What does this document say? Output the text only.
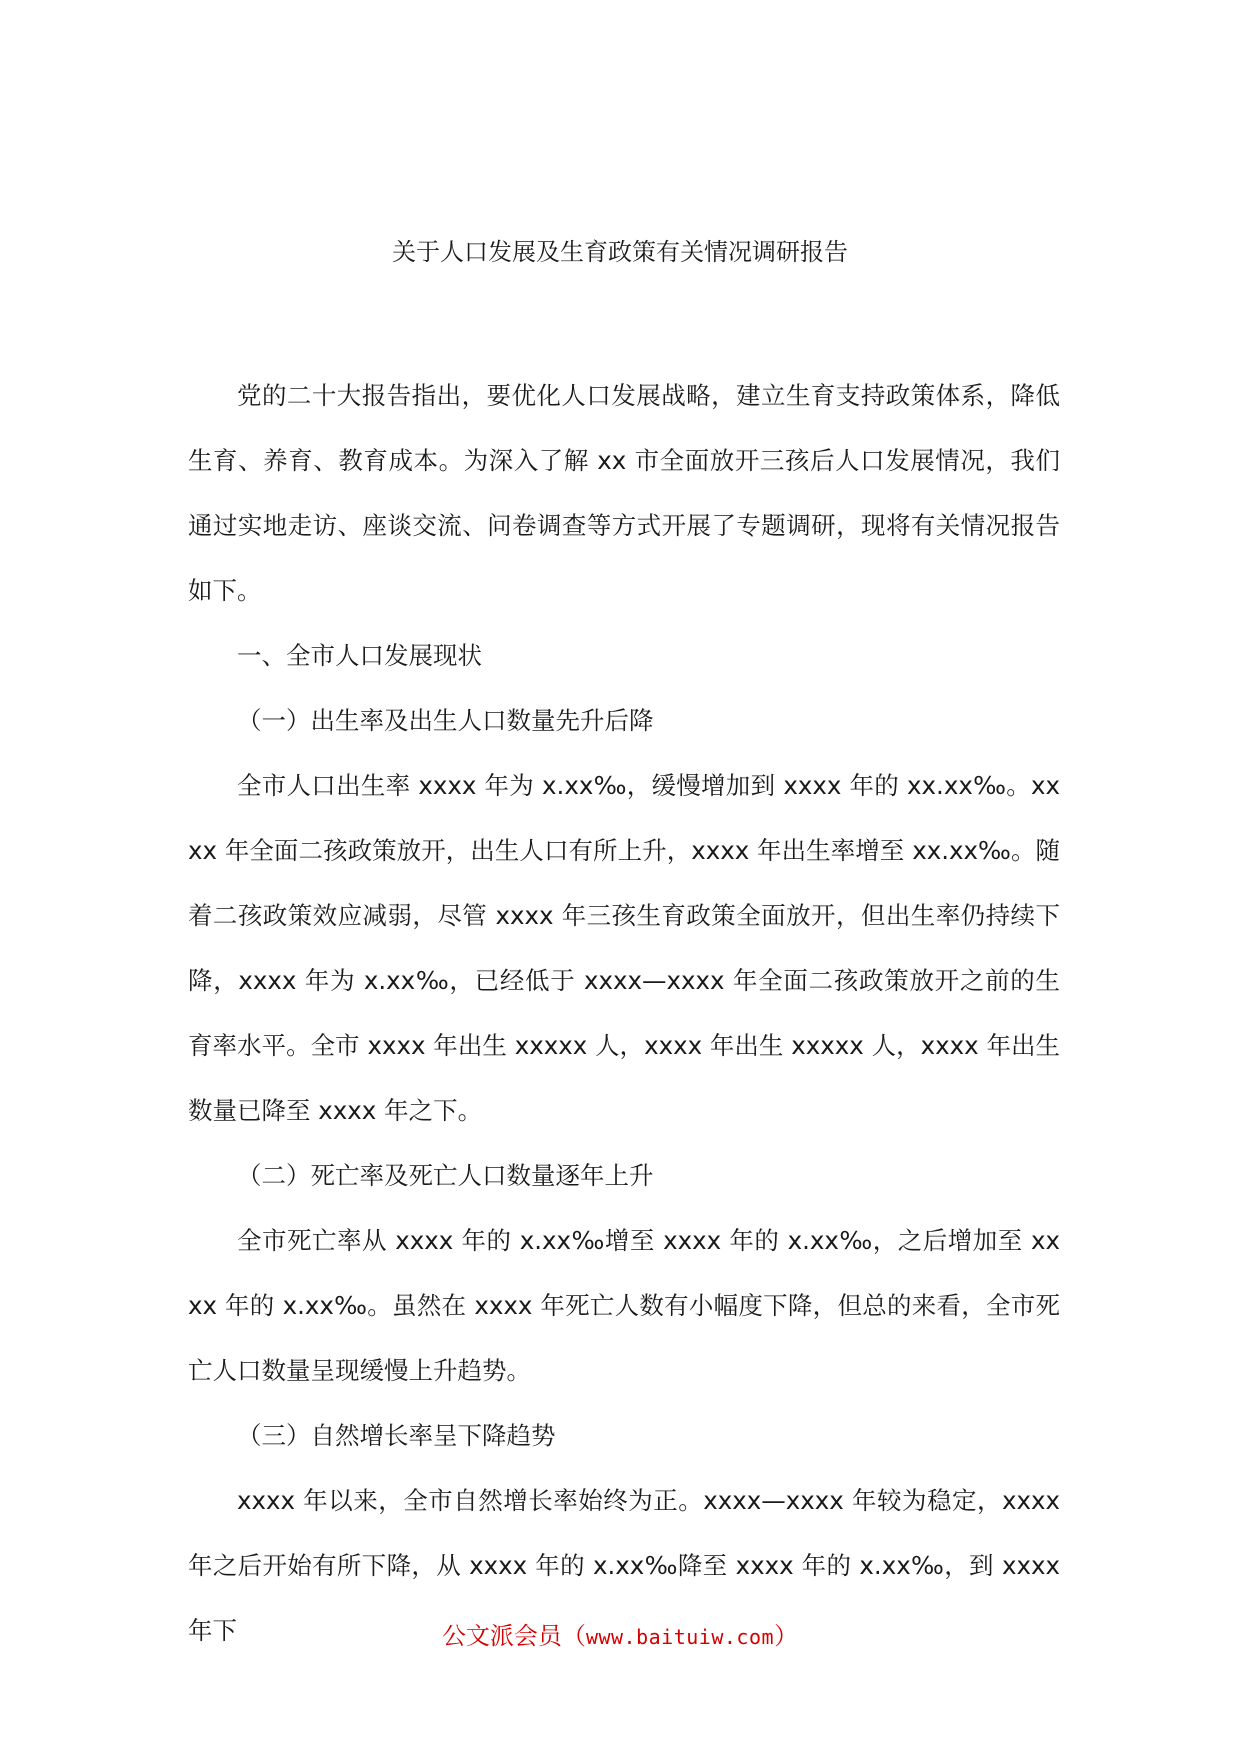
关于人口发展及生育政策有关情况调研报告

党的二十大报告指出，要优化人口发展战略，建立生育支持政策体系，降低生育、养育、教育成本。为深入了解 xx 市全面放开三孩后人口发展情况，我们通过实地走访、座谈交流、问卷调查等方式开展了专题调研，现将有关情况报告如下。

一、全市人口发展现状

（一）出生率及出生人口数量先升后降

全市人口出生率 xxxx 年为 x.xx‰，缓慢增加到 xxxx 年的 xx.xx‰。xxxx 年全面二孩政策放开，出生人口有所上升，xxxx 年出生率增至 xx.xx‰。随着二孩政策效应减弱，尽管 xxxx 年三孩生育政策全面放开，但出生率仍持续下降，xxxx 年为 x.xx‰，已经低于 xxxx—xxxx 年全面二孩政策放开之前的生育率水平。全市 xxxx 年出生 xxxxx 人，xxxx 年出生 xxxxx 人，xxxx 年出生数量已降至 xxxx 年之下。

（二）死亡率及死亡人口数量逐年上升

全市死亡率从 xxxx 年的 x.xx‰增至 xxxx 年的 x.xx‰，之后增加至 xxxx 年的 x.xx‰。虽然在 xxxx 年死亡人数有小幅度下降，但总的来看，全市死亡人口数量呈现缓慢上升趋势。

（三）自然增长率呈下降趋势

xxxx 年以来，全市自然增长率始终为正。xxxx—xxxx 年较为稳定，xxxx 年之后开始有所下降，从 xxxx 年的 x.xx‰降至 xxxx 年的 x.xx‰，到 xxxx 年下	公文派会员（www.baituiw.com）
